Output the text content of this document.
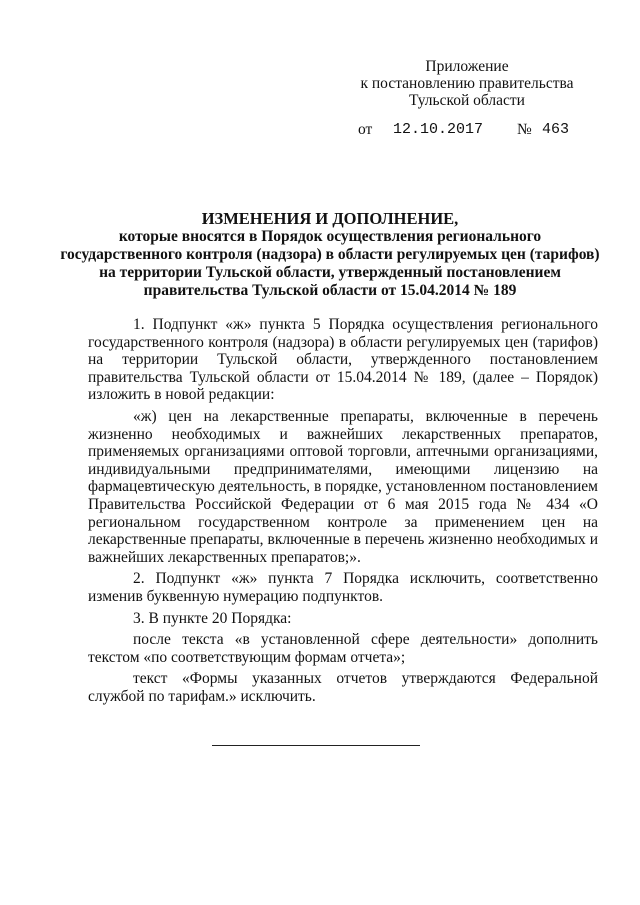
Приложение
к постановлению правительства
Тульской области
от 12.10.2017 № 463
ИЗМЕНЕНИЯ И ДОПОЛНЕНИЕ,
которые вносятся в Порядок осуществления регионального государственного контроля (надзора) в области регулируемых цен (тарифов) на территории Тульской области, утвержденный постановлением правительства Тульской области от 15.04.2014 № 189

1. Подпункт «ж» пункта 5 Порядка осуществления регионального государственного контроля (надзора) в области регулируемых цен (тарифов) на территории Тульской области, утвержденного постановлением правительства Тульской области от 15.04.2014 № 189, (далее – Порядок) изложить в новой редакции:

«ж) цен на лекарственные препараты, включенные в перечень жизненно необходимых и важнейших лекарственных препаратов, применяемых организациями оптовой торговли, аптечными организациями, индивидуальными предпринимателями, имеющими лицензию на фармацевтическую деятельность, в порядке, установленном постановлением Правительства Российской Федерации от 6 мая 2015 года № 434 «О региональном государственном контроле за применением цен на лекарственные препараты, включенные в перечень жизненно необходимых и важнейших лекарственных препаратов;».

2. Подпункт «ж» пункта 7 Порядка исключить, соответственно изменив буквенную нумерацию подпунктов.

3. В пункте 20 Порядка:

после текста «в установленной сфере деятельности» дополнить текстом «по соответствующим формам отчета»;

текст «Формы указанных отчетов утверждаются Федеральной службой по тарифам.» исключить.
